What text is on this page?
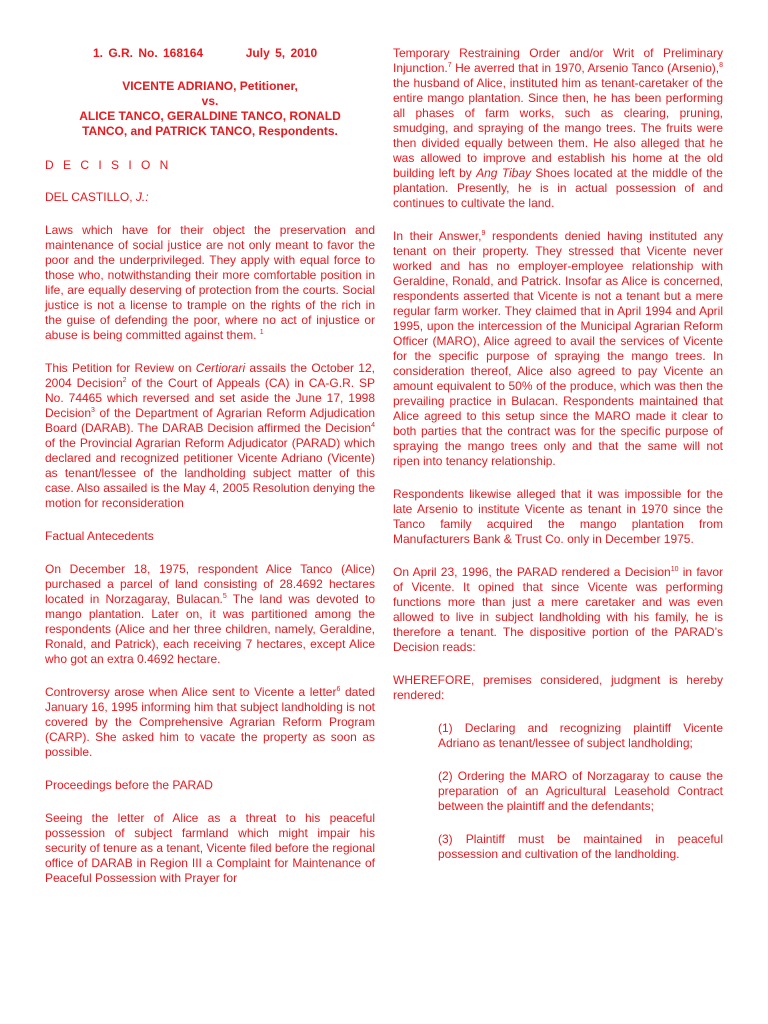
1. G.R. No. 168164	July 5, 2010

VICENTE ADRIANO, Petitioner,

vs.

ALICE TANCO, GERALDINE TANCO, RONALD

TANCO, and PATRICK TANCO, Respondents.

D E C I S I O N

DEL CASTILLO, J.:

Laws which have for their object the preservation and maintenance of social justice are not only meant to favor the poor and the underprivileged. They apply with equal force to those who, notwithstanding their more comfortable position in life, are equally deserving of protection from the courts. Social justice is not a license to trample on the rights of the rich in the guise of defending the poor, where no act of injustice or abuse is being committed against them. $^1$

This Petition for Review on Certiorari assails the October 12, 2004 Decision$^2$ of the Court of Appeals (CA) in CA-G.R. SP No. 74465 which reversed and set aside the June 17, 1998 Decision$^3$ of the Department of Agrarian Reform Adjudication Board (DARAB). The DARAB Decision affirmed the Decision$^4$ of the Provincial Agrarian Reform Adjudicator (PARAD) which declared and recognized petitioner Vicente Adriano (Vicente) as tenant/lessee of the landholding subject matter of this case. Also assailed is the May 4, 2005 Resolution denying the motion for reconsideration

Factual Antecedents

On December 18, 1975, respondent Alice Tanco (Alice) purchased a parcel of land consisting of 28.4692 hectares located in Norzagaray, Bulacan.$^5$ The land was devoted to mango plantation. Later on, it was partitioned among the respondents (Alice and her three children, namely, Geraldine, Ronald, and Patrick), each receiving 7 hectares, except Alice who got an extra 0.4692 hectare.

Controversy arose when Alice sent to Vicente a letter$^6$ dated January 16, 1995 informing him that subject landholding is not covered by the Comprehensive Agrarian Reform Program (CARP). She asked him to vacate the property as soon as possible.

Proceedings before the PARAD

Seeing the letter of Alice as a threat to his peaceful possession of subject farmland which might impair his security of tenure as a tenant, Vicente filed before the regional office of DARAB in Region III a Complaint for Maintenance of Peaceful Possession with Prayer for

Temporary Restraining Order and/or Writ of Preliminary Injunction.$^7$ He averred that in 1970, Arsenio Tanco (Arsenio),$^8$ the husband of Alice, instituted him as tenant-caretaker of the entire mango plantation. Since then, he has been performing all phases of farm works, such as clearing, pruning, smudging, and spraying of the mango trees. The fruits were then divided equally between them. He also alleged that he was allowed to improve and establish his home at the old building left by Ang Tibay Shoes located at the middle of the plantation. Presently, he is in actual possession of and continues to cultivate the land.

In their Answer,$^9$ respondents denied having instituted any tenant on their property. They stressed that Vicente never worked and has no employer-employee relationship with Geraldine, Ronald, and Patrick. Insofar as Alice is concerned, respondents asserted that Vicente is not a tenant but a mere regular farm worker. They claimed that in April 1994 and April 1995, upon the intercession of the Municipal Agrarian Reform Officer (MARO), Alice agreed to avail the services of Vicente for the specific purpose of spraying the mango trees. In consideration thereof, Alice also agreed to pay Vicente an amount equivalent to 50% of the produce, which was then the prevailing practice in Bulacan. Respondents maintained that Alice agreed to this setup since the MARO made it clear to both parties that the contract was for the specific purpose of spraying the mango trees only and that the same will not ripen into tenancy relationship.

Respondents likewise alleged that it was impossible for the late Arsenio to institute Vicente as tenant in 1970 since the Tanco family acquired the mango plantation from Manufacturers Bank & Trust Co. only in December 1975.

On April 23, 1996, the PARAD rendered a Decision$^{10}$ in favor of Vicente. It opined that since Vicente was performing functions more than just a mere caretaker and was even allowed to live in subject landholding with his family, he is therefore a tenant. The dispositive portion of the PARAD’s Decision reads:

WHEREFORE, premises considered, judgment is hereby rendered:

(1) Declaring and recognizing plaintiff Vicente Adriano as tenant/lessee of subject landholding;

(2) Ordering the MARO of Norzagaray to cause the preparation of an Agricultural Leasehold Contract between the plaintiff and the defendants;

(3) Plaintiff must be maintained in peaceful possession and cultivation of the landholding.
